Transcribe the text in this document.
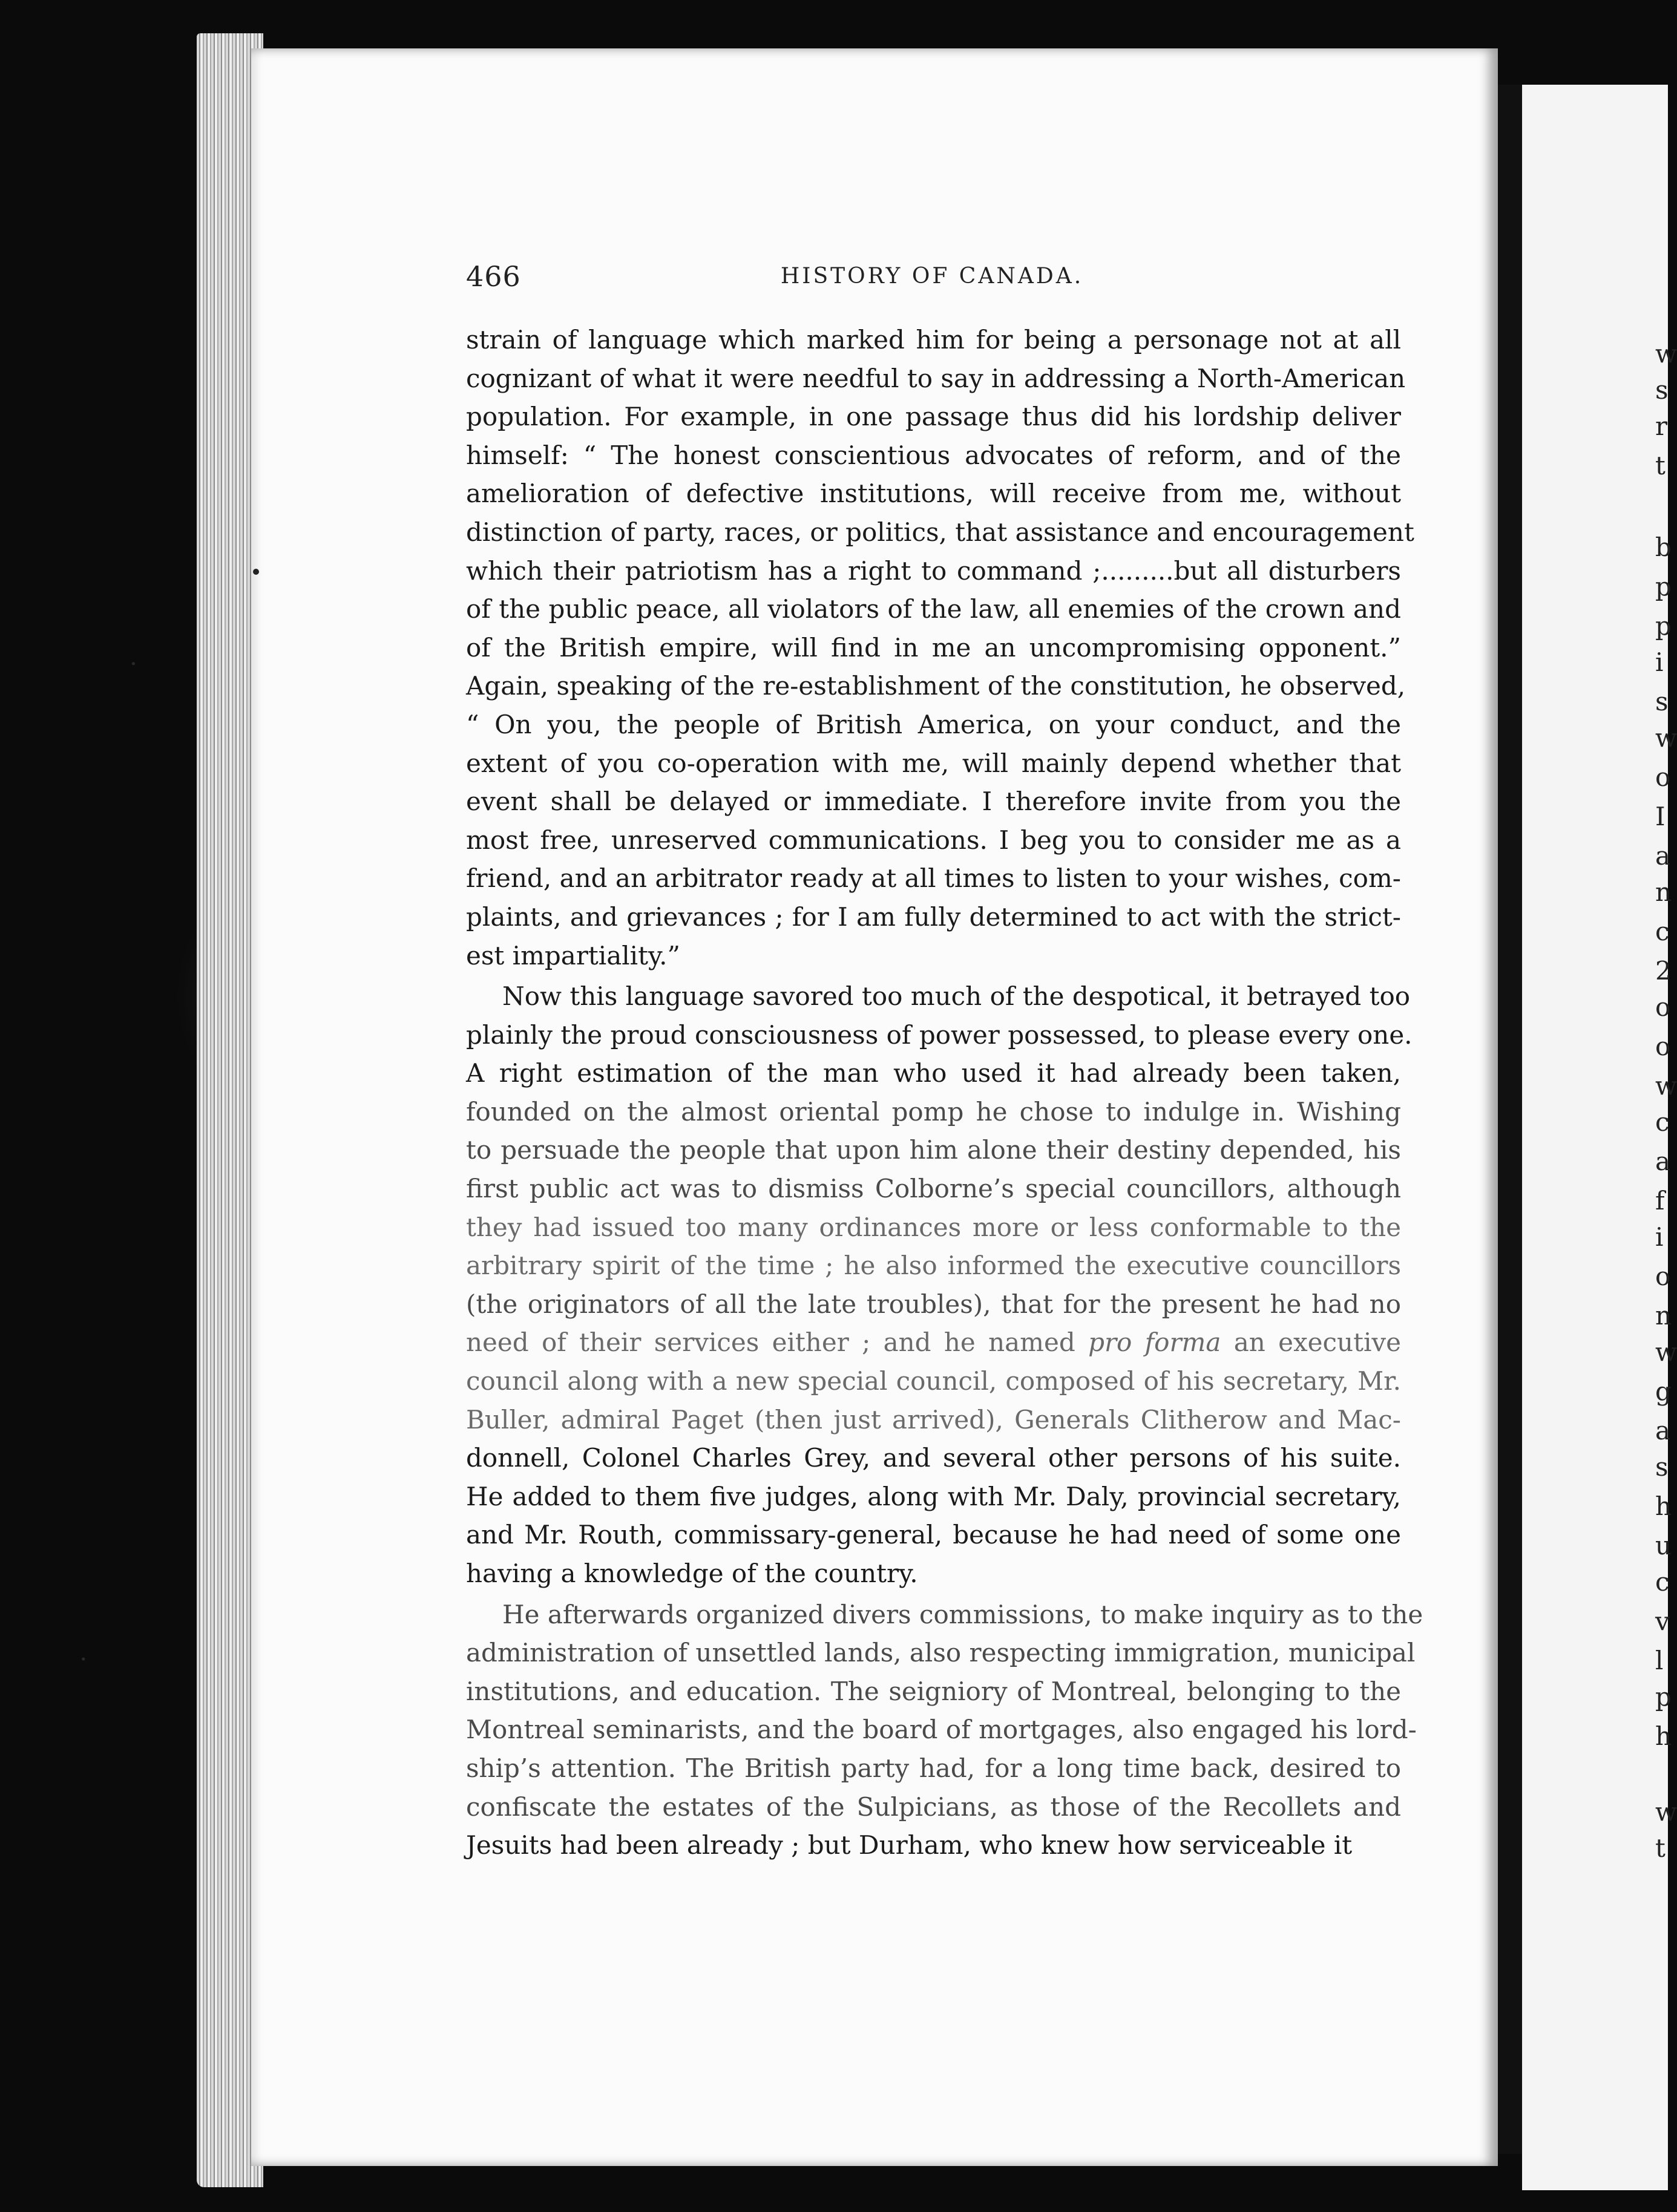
w
s
r
t
b
p
p
i
s
w
o
I
a
n
c
2
o
o
w
c
a
f
i
o
n
w
g
a
s
h
u
c
v
l
p
h
w
t
466	HISTORY OF CANADA.
strain of language which marked him for being a personage not at all
cognizant of what it were needful to say in addressing a North-American
population. For example, in one passage thus did his lordship deliver
himself: “ The honest conscientious advocates of reform, and of the
amelioration of defective institutions, will receive from me, without
distinction of party, races, or politics, that assistance and encouragement
which their patriotism has a right to command ;.........but all disturbers
of the public peace, all violators of the law, all enemies of the crown and
of the British empire, will find in me an uncompromising opponent.”
Again, speaking of the re-establishment of the constitution, he observed,
“ On you, the people of British America, on your conduct, and the
extent of you co-operation with me, will mainly depend whether that
event shall be delayed or immediate. I therefore invite from you the
most free, unreserved communications. I beg you to consider me as a
friend, and an arbitrator ready at all times to listen to your wishes, com-
plaints, and grievances ; for I am fully determined to act with the strict-
est impartiality.”
Now this language savored too much of the despotical, it betrayed too
plainly the proud consciousness of power possessed, to please every one.
A right estimation of the man who used it had already been taken,
founded on the almost oriental pomp he chose to indulge in. Wishing
to persuade the people that upon him alone their destiny depended, his
first public act was to dismiss Colborne’s special councillors, although
they had issued too many ordinances more or less conformable to the
arbitrary spirit of the time ; he also informed the executive councillors
(the originators of all the late troubles), that for the present he had no
need of their services either ; and he named pro forma an executive
council along with a new special council, composed of his secretary, Mr.
Buller, admiral Paget (then just arrived), Generals Clitherow and Mac-
donnell, Colonel Charles Grey, and several other persons of his suite.
He added to them five judges, along with Mr. Daly, provincial secretary,
and Mr. Routh, commissary-general, because he had need of some one
having a knowledge of the country.
He afterwards organized divers commissions, to make inquiry as to the
administration of unsettled lands, also respecting immigration, municipal
institutions, and education. The seigniory of Montreal, belonging to the
Montreal seminarists, and the board of mortgages, also engaged his lord-
ship’s attention. The British party had, for a long time back, desired to
confiscate the estates of the Sulpicians, as those of the Recollets and
Jesuits had been already ; but Durham, who knew how serviceable it
